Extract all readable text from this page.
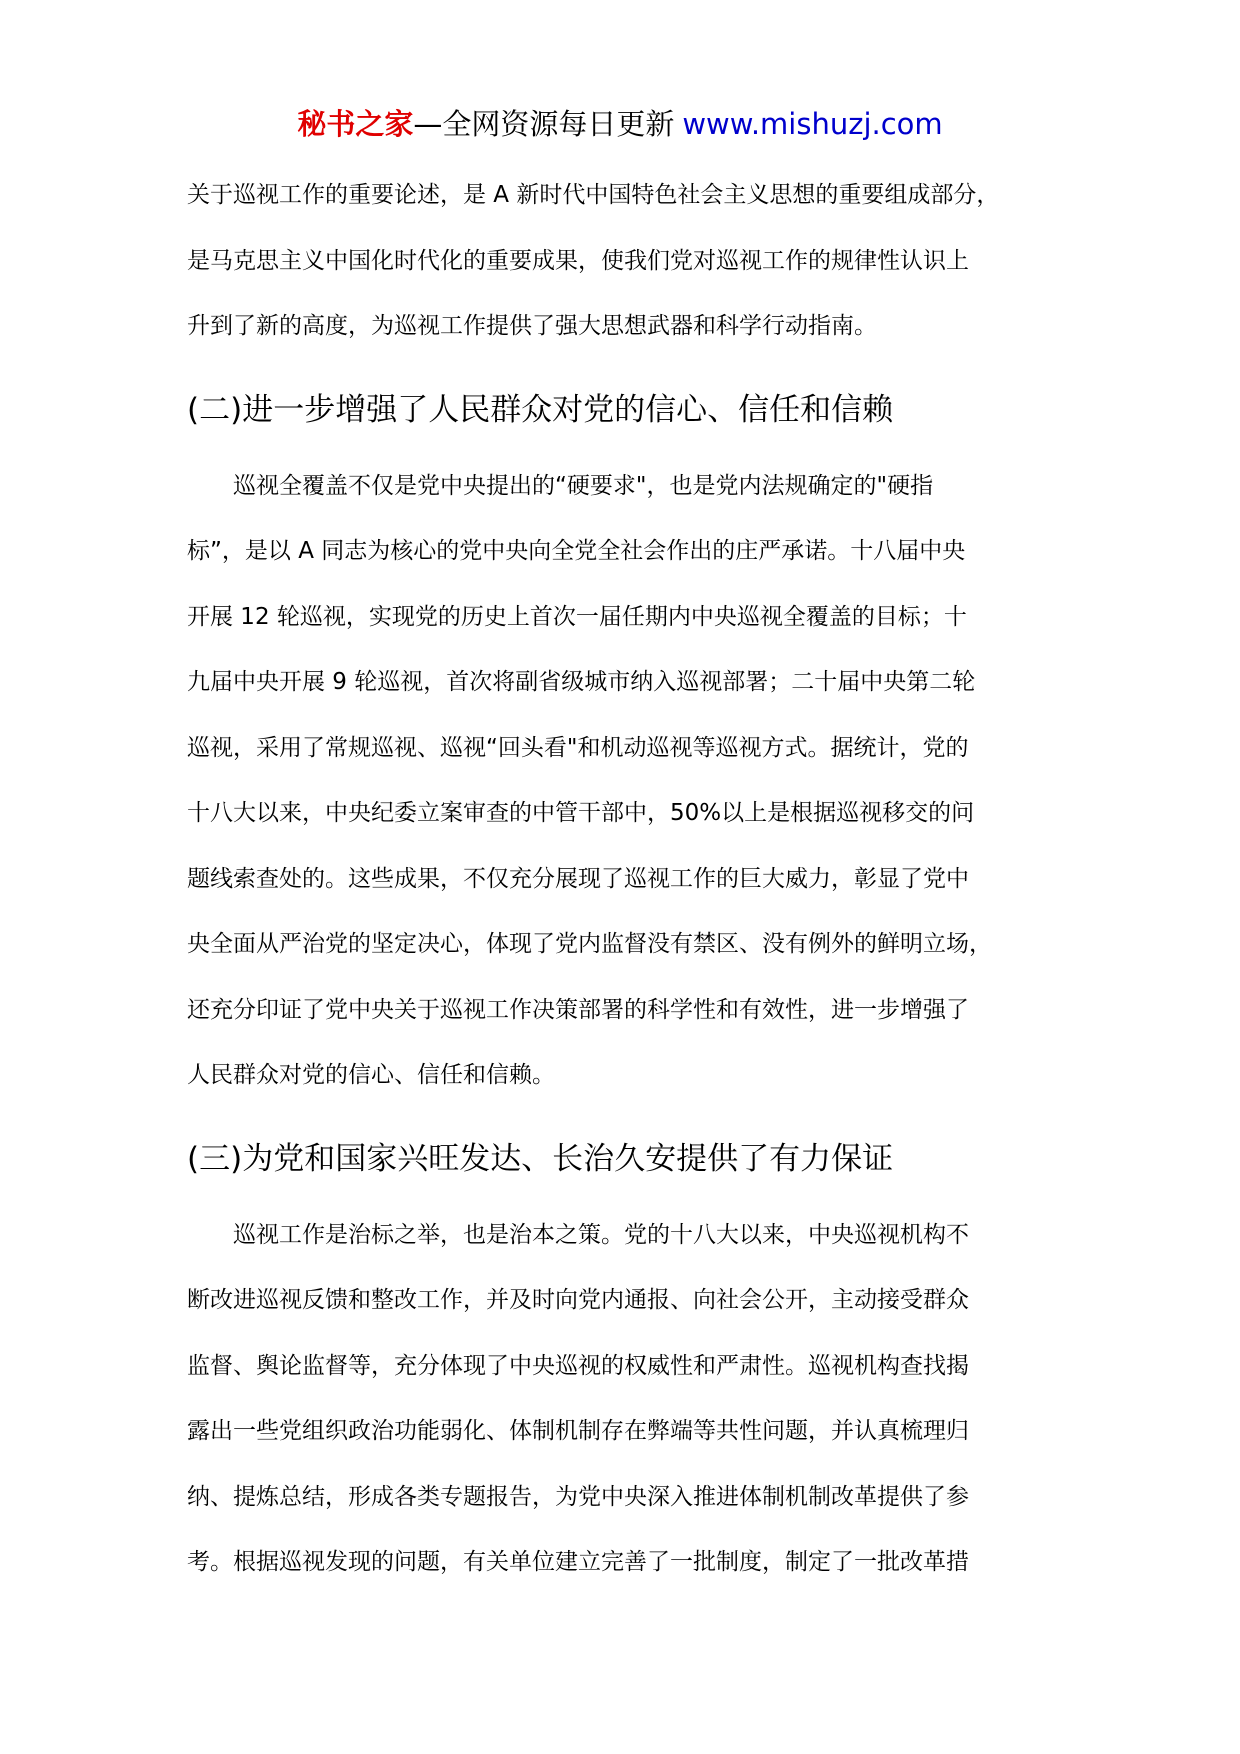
秘书之家—全网资源每日更新 www.mishuzj.com
关于巡视工作的重要论述，是 A 新时代中国特色社会主义思想的重要组成部分，
是马克思主义中国化时代化的重要成果，使我们党对巡视工作的规律性认识上
升到了新的高度，为巡视工作提供了强大思想武器和科学行动指南。
(二)进一步增强了人民群众对党的信心、信任和信赖
巡视全覆盖不仅是党中央提出的“硬要求"，也是党内法规确定的"硬指
标”，是以 A 同志为核心的党中央向全党全社会作出的庄严承诺。十八届中央
开展 12 轮巡视，实现党的历史上首次一届任期内中央巡视全覆盖的目标；十
九届中央开展 9 轮巡视，首次将副省级城市纳入巡视部署；二十届中央第二轮
巡视，采用了常规巡视、巡视“回头看"和机动巡视等巡视方式。据统计，党的
十八大以来，中央纪委立案审查的中管干部中，50%以上是根据巡视移交的问
题线索查处的。这些成果，不仅充分展现了巡视工作的巨大威力，彰显了党中
央全面从严治党的坚定决心，体现了党内监督没有禁区、没有例外的鲜明立场，
还充分印证了党中央关于巡视工作决策部署的科学性和有效性，进一步增强了
人民群众对党的信心、信任和信赖。
(三)为党和国家兴旺发达、长治久安提供了有力保证
巡视工作是治标之举，也是治本之策。党的十八大以来，中央巡视机构不
断改进巡视反馈和整改工作，并及时向党内通报、向社会公开，主动接受群众
监督、舆论监督等，充分体现了中央巡视的权威性和严肃性。巡视机构查找揭
露出一些党组织政治功能弱化、体制机制存在弊端等共性问题，并认真梳理归
纳、提炼总结，形成各类专题报告，为党中央深入推进体制机制改革提供了参
考。根据巡视发现的问题，有关单位建立完善了一批制度，制定了一批改革措
